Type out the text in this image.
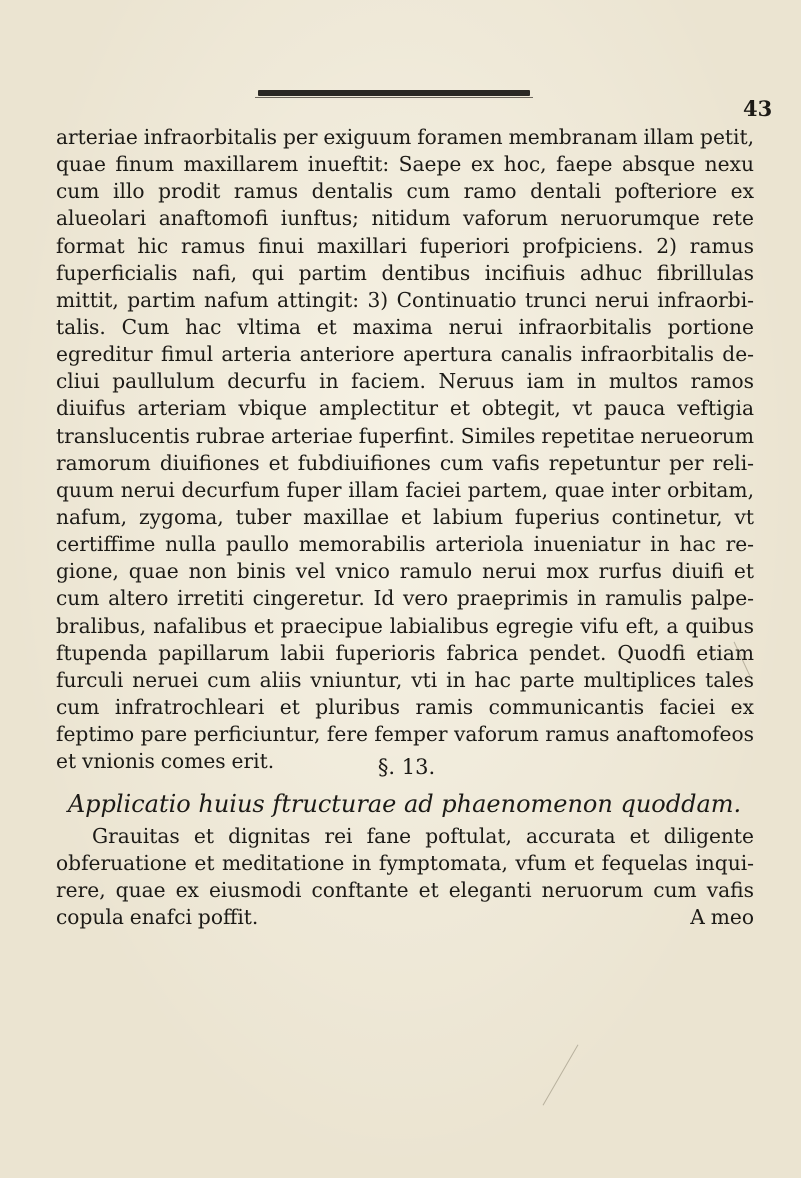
43
arteriae infraorbitalis per exiguum foramen membranam illam petit,
quae finum maxillarem inueftit: Saepe ex hoc, faepe absque nexu
cum illo prodit ramus dentalis cum ramo dentali pofteriore ex
alueolari anaftomofi iunftus; nitidum vaforum neruorumque rete
format hic ramus finui maxillari fuperiori profpiciens. 2) ramus
fuperficialis nafi, qui partim dentibus incifiuis adhuc fibrillulas
mittit, partim nafum attingit: 3) Continuatio trunci nerui infraorbi-
talis. Cum hac vltima et maxima nerui infraorbitalis portione
egreditur fimul arteria anteriore apertura canalis infraorbitalis de-
cliui paullulum decurfu in faciem. Neruus iam in multos ramos
diuifus arteriam vbique amplectitur et obtegit, vt pauca veftigia
translucentis rubrae arteriae fuperfint. Similes repetitae nerueorum
ramorum diuifiones et fubdiuifiones cum vafis repetuntur per reli-
quum nerui decurfum fuper illam faciei partem, quae inter orbitam,
nafum, zygoma, tuber maxillae et labium fuperius continetur, vt
certiffime nulla paullo memorabilis arteriola inueniatur in hac re-
gione, quae non binis vel vnico ramulo nerui mox rurfus diuifi et
cum altero irretiti cingeretur. Id vero praeprimis in ramulis palpe-
bralibus, nafalibus et praecipue labialibus egregie vifu eft, a quibus
ftupenda papillarum labii fuperioris fabrica pendet. Quodfi etiam
furculi neruei cum aliis vniuntur, vti in hac parte multiplices tales
cum infratrochleari et pluribus ramis communicantis faciei ex
feptimo pare perficiuntur, fere femper vaforum ramus anaftomofeos
et vnionis comes erit.	§. 13.
Applicatio huius ftructurae ad phaenomenon quoddam.
Grauitas et dignitas rei fane poftulat, accurata et diligente
obferuatione et meditatione in fymptomata, vfum et fequelas inqui-
rere, quae ex eiusmodi conftante et eleganti neruorum cum vafis
copula enafci poffit.	A meo
